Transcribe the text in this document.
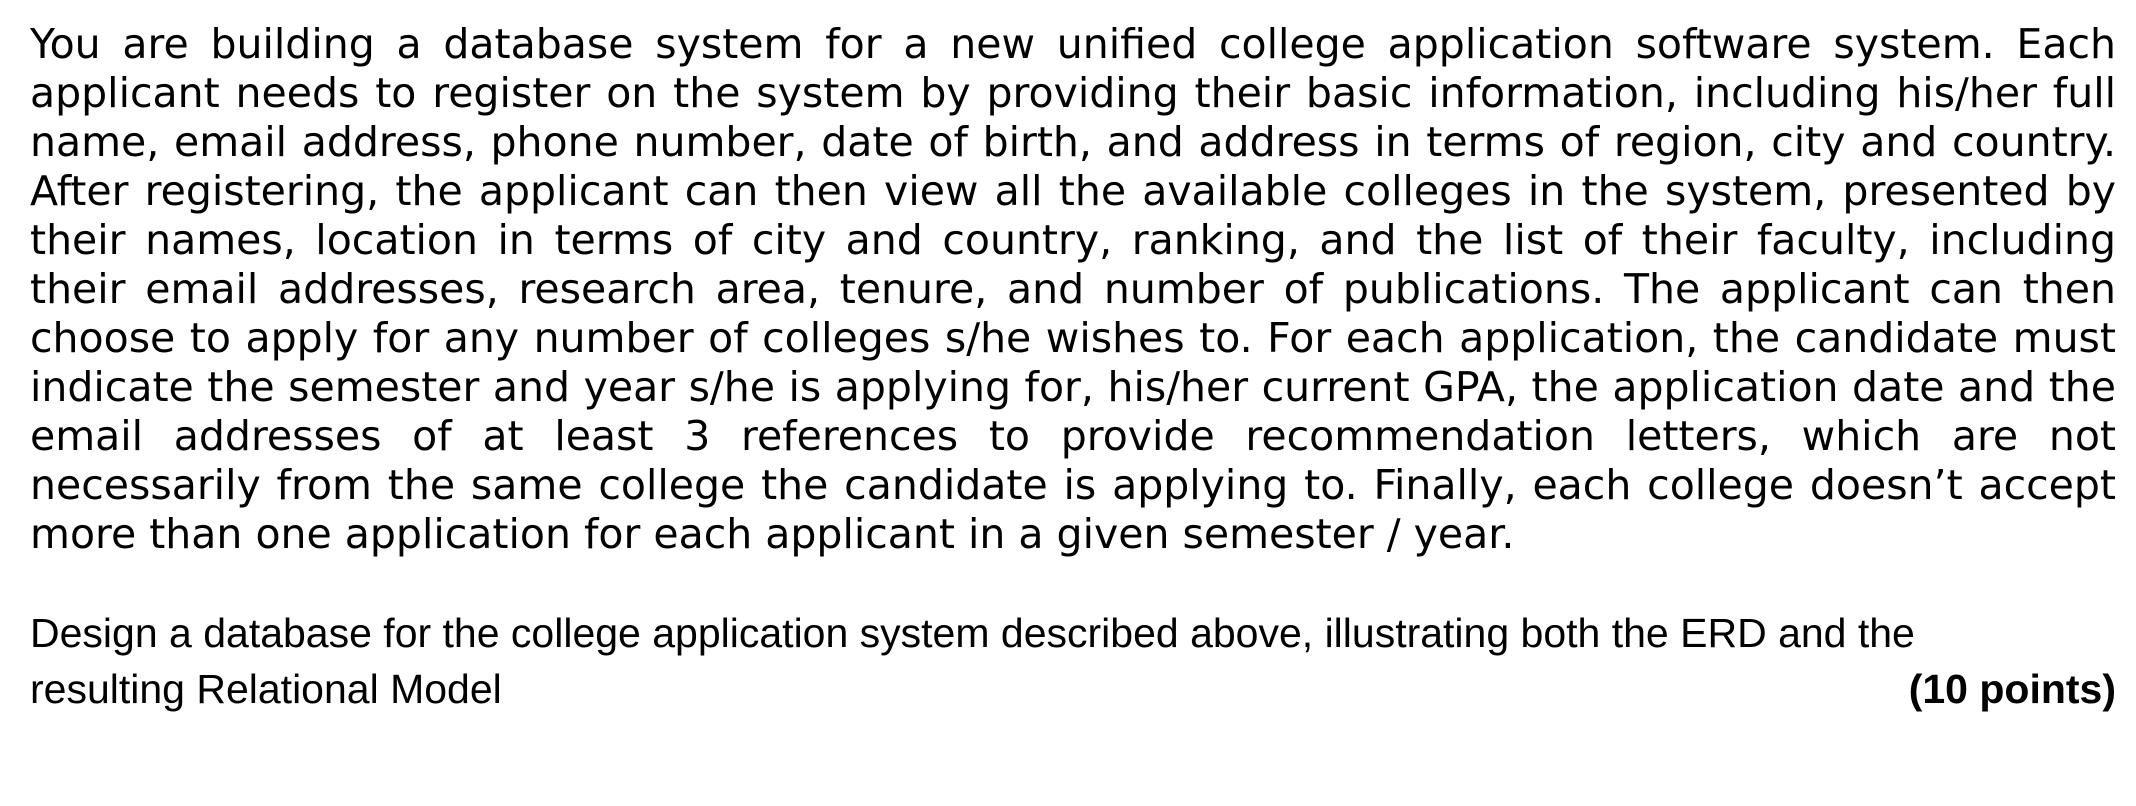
You are building a database system for a new unified college application software system. Each applicant needs to register on the system by providing their basic information, including his/her full name, email address, phone number, date of birth, and address in terms of region, city and country. After registering, the applicant can then view all the available colleges in the system, presented by their names, location in terms of city and country, ranking, and the list of their faculty, including their email addresses, research area, tenure, and number of publications. The applicant can then choose to apply for any number of colleges s/he wishes to. For each application, the candidate must indicate the semester and year s/he is applying for, his/her current GPA, the application date and the email addresses of at least 3 references to provide recommendation letters, which are not necessarily from the same college the candidate is applying to. Finally, each college doesn’t accept more than one application for each applicant in a given semester / year.

Design a database for the college application system described above, illustrating both the ERD and the
resulting Relational Model	(10 points)
